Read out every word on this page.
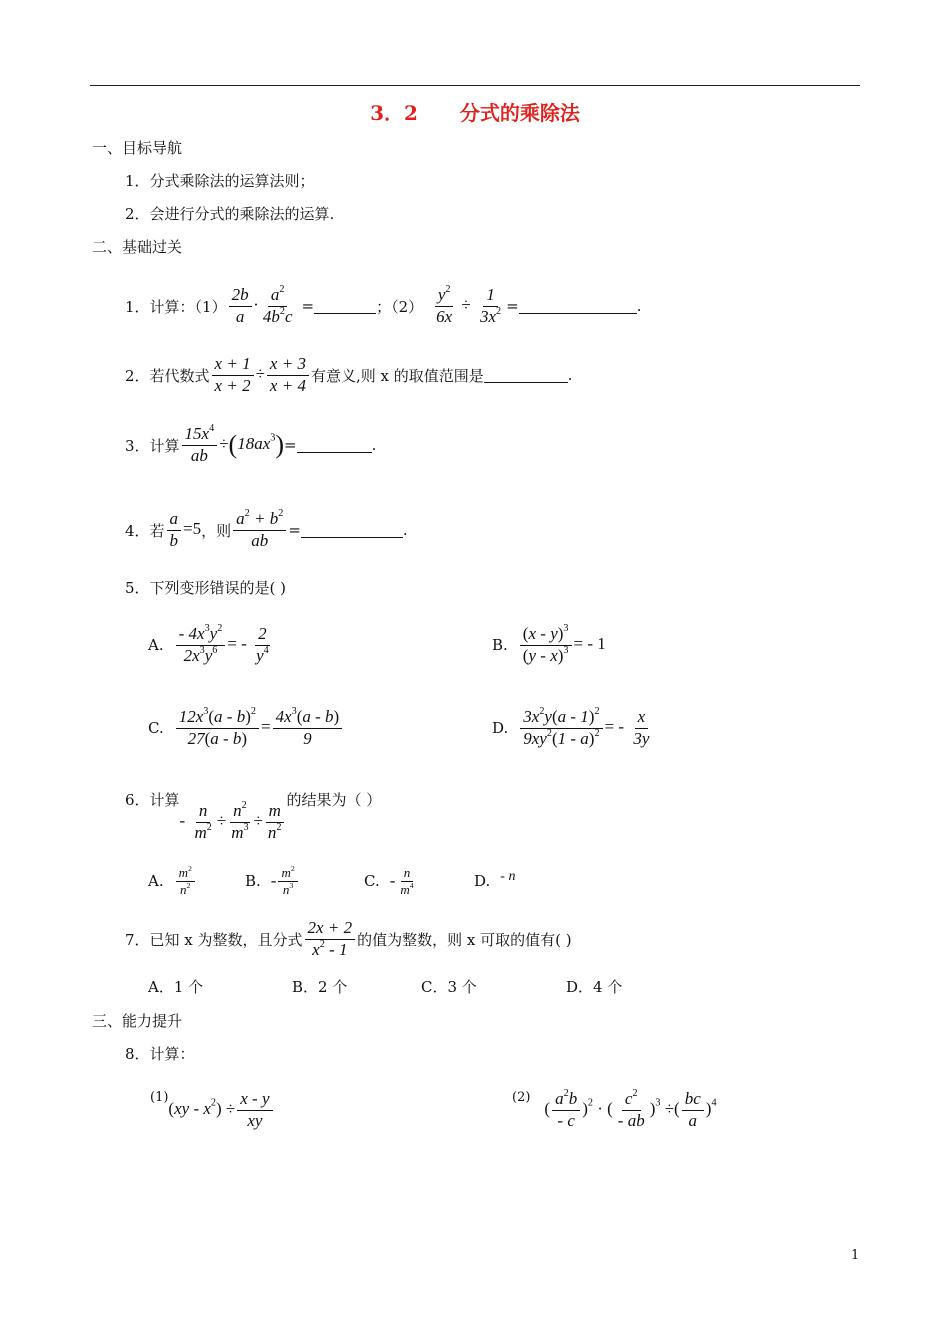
3．2 分式的乘除法
一、目标导航
1．分式乘除法的运算法则；
2．会进行分式的乘除法的运算.
二、基础过关
1．计算：$(1) \frac{2b}{a} \cdot \frac{a^2}{4b^2c}$ =	；$(2) \frac{y^2}{6x} \div \frac{1}{3x^2}$ =	.
2．若代数式 $\frac{x + 1}{x + 2} \div \frac{x + 3}{x + 4}$ 有意义,则 x 的取值范围是	.
3．计算 $\frac{15x^4}{ab} \div(18ax^3)$ =	.
4．若 $\frac{a}{b} =5$ ，则 $\frac{a^2 + b^2}{ab}$ =	.
5．下列变形错误的是( )
A. $\frac{- 4x^3y^2}{2x^3y^6}$ = - $\frac{2}{y^4}$	B. $\frac{(x - y)^3}{(y - x)^3}$ = - 1
C. $\frac{12x^3(a - b)^2}{27(a - b)} = \frac{4x^3(a - b)}{9}$	D. $\frac{3x^2y(a - 1)^2}{9xy^2(1 - a)^2}$ = - $\frac{x}{3y}$
6．计算
- $\frac{n}{m^2} \div \frac{n^2}{m^3} \div \frac{m}{n^2}$
的结果为（ ）
A. $\frac{m^2}{n^2}$	B. - $\frac{m^2}{n^3}$	C. - $\frac{n}{m^4}$	D. - n
7．已知 x 为整数，且分式 $\frac{2x + 2}{x^2 - 1}$ 的值为整数，则 x 可取的值有( )
A．1 个	B．2 个	C．3 个	D．4 个
三、能力提升
8．计算：
(1)
$(xy - x^2) \div \frac{x - y}{xy}$	(2)
( $\frac{a^2b}{- c} )^2$ · ( $\frac{c^2}{- ab} )^3$ ÷( $\frac{bc}{a} )^4$
1
